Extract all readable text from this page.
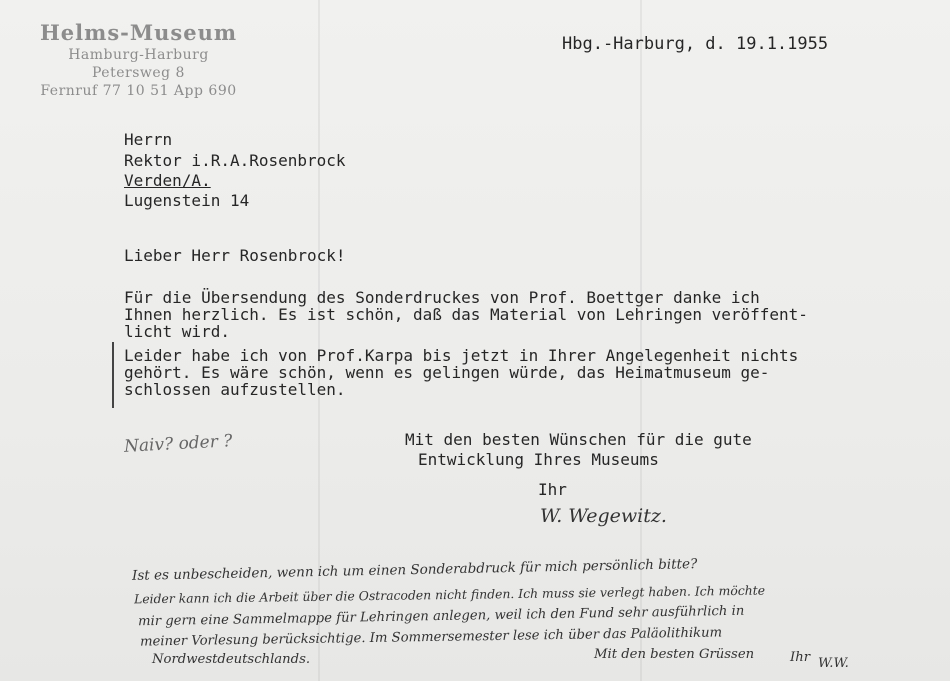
Helms-Museum
Hamburg-Harburg
Petersweg 8
Fernruf 77 10 51 App 690
Hbg.-Harburg, d. 19.1.1955
Herrn
Rektor i.R.A.Rosenbrock
Verden/A.
Lugenstein 14
Lieber Herr Rosenbrock!
Für die Übersendung des Sonderdruckes von Prof. Boettger danke ich
Ihnen herzlich. Es ist schön, daß das Material von Lehringen veröffent-
licht wird.
Leider habe ich von Prof.Karpa bis jetzt in Ihrer Angelegenheit nichts
gehört. Es wäre schön, wenn es gelingen würde, das Heimatmuseum ge-
schlossen aufzustellen.
Naiv? oder ?	Mit den besten Wünschen für die gute
Entwicklung Ihres Museums
Ihr
W. Wegewitz.
Ist es unbescheiden, wenn ich um einen Sonderabdruck für mich persönlich bitte?
Leider kann ich die Arbeit über die Ostracoden nicht finden. Ich muss sie verlegt haben. Ich möchte
mir gern eine Sammelmappe für Lehringen anlegen, weil ich den Fund sehr ausführlich in
meiner Vorlesung berücksichtige. Im Sommersemester lese ich über das Paläolithikum
Nordwestdeutschlands.	Mit den besten Grüssen	Ihr W.W.
